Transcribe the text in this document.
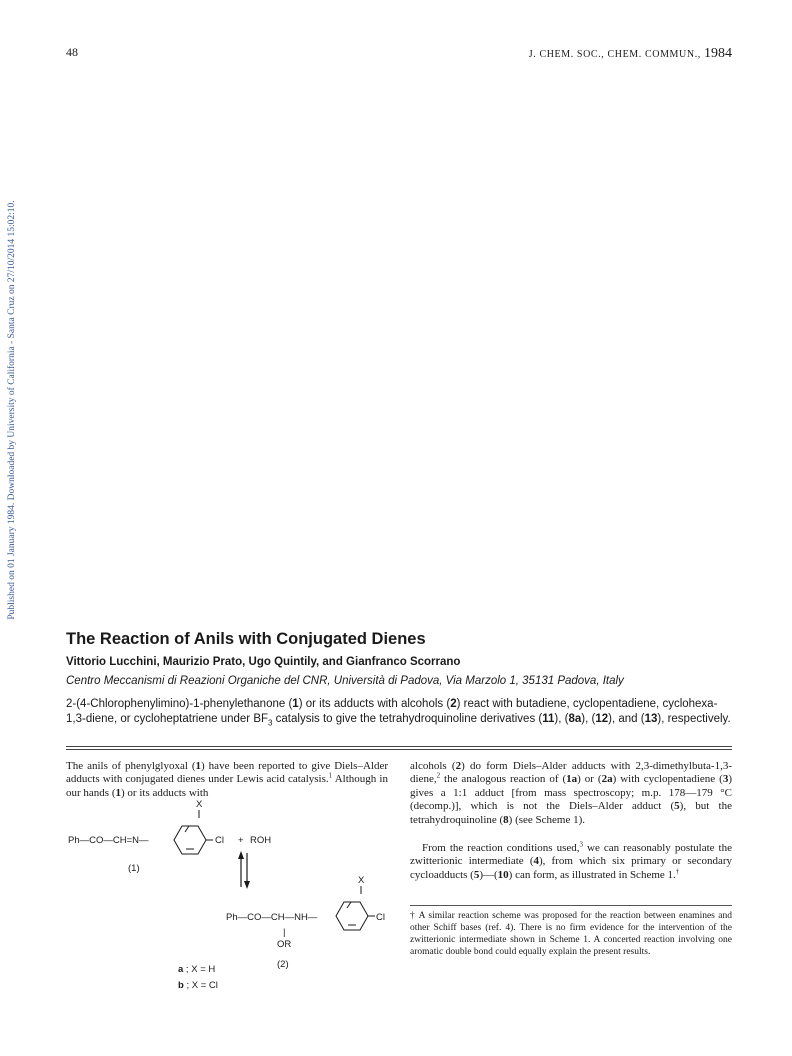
48	J. CHEM. SOC., CHEM. COMMUN., 1984
Published on 01 January 1984. Downloaded by University of California - Santa Cruz on 27/10/2014 15:02:10.
The Reaction of Anils with Conjugated Dienes
Vittorio Lucchini, Maurizio Prato, Ugo Quintily, and Gianfranco Scorrano
Centro Meccanismi di Reazioni Organiche del CNR, Università di Padova, Via Marzolo 1, 35131 Padova, Italy
2-(4-Chlorophenylimino)-1-phenylethanone (1) or its adducts with alcohols (2) react with butadiene, cyclopentadiene, cyclohexa-1,3-diene, or cycloheptatriene under $BF_3$ catalysis to give the tetrahydroquinoline derivatives (11), (8a), (12), and (13), respectively.
The anils of phenylglyoxal (1) have been reported to give Diels–Alder adducts with conjugated dienes under Lewis acid catalysis.$^1$ Although in our hands (1) or its adducts with
X
Ph—CO—CH=N—	Cl + ROH
(1)
X
Ph—CO—CH—NH—	Cl
|
OR
(2)
a ; X = H
b ; X = Cl
alcohols (2) do form Diels–Alder adducts with 2,3-dimethylbuta-1,3-diene,$^2$ the analogous reaction of (1a) or (2a) with cyclopentadiene (3) gives a 1:1 adduct [from mass spectroscopy; m.p. 178—179 °C (decomp.)], which is not the Diels–Alder adduct (5), but the tetrahydroquinoline (8) (see Scheme 1).
From the reaction conditions used,$^3$ we can reasonably postulate the zwitterionic intermediate (4), from which six primary or secondary cycloadducts (5)—(10) can form, as illustrated in Scheme 1.†
† A similar reaction scheme was proposed for the reaction between enamines and other Schiff bases (ref. 4). There is no firm evidence for the intervention of the zwitterionic intermediate shown in Scheme 1. A concerted reaction involving one aromatic double bond could equally explain the present results.
